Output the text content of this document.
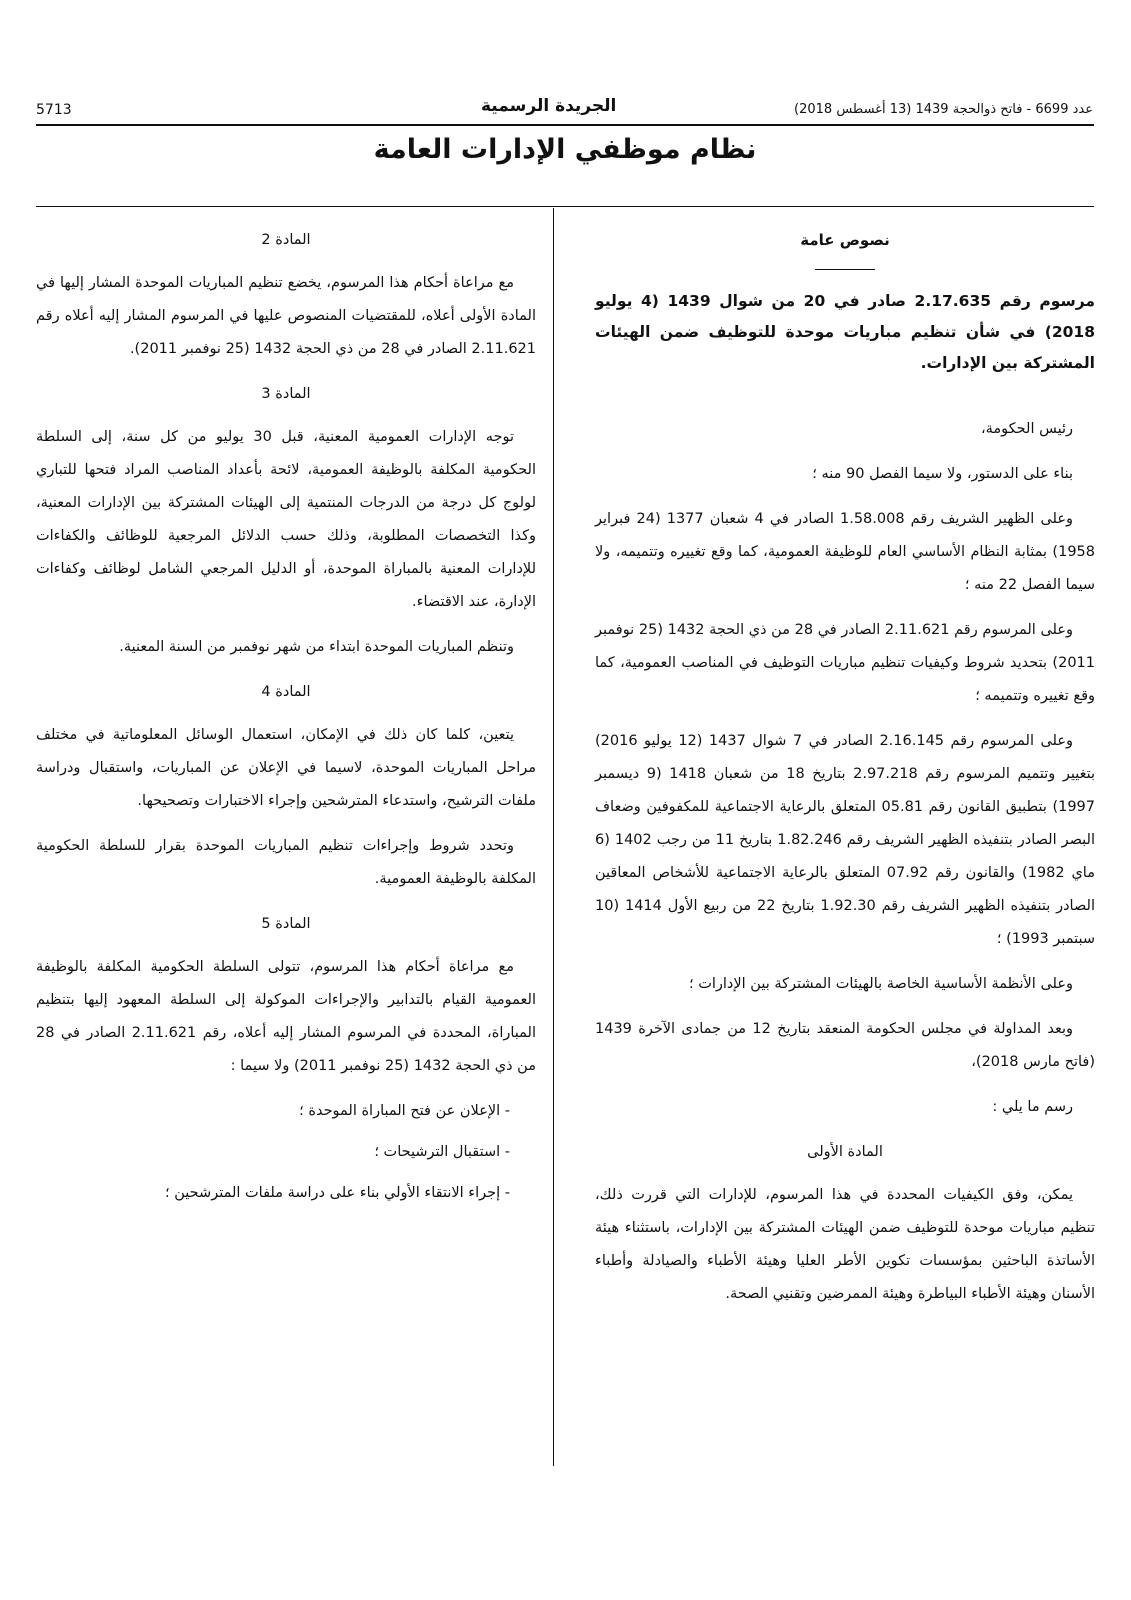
5713	الجريدة الرسمية	عدد 6699 - فاتح ذوالحجة 1439 (13 أغسطس 2018)
نظام موظفي الإدارات العامة

نصوص عامة

مرسوم رقم 2.17.635 صادر في 20 من شوال 1439 (4 يوليو 2018) في شأن تنظيم مباريات موحدة للتوظيف ضمن الهيئات المشتركة بين الإدارات.

رئيس الحكومة،

بناء على الدستور، ولا سيما الفصل 90 منه ؛

وعلى الظهير الشريف رقم 1.58.008 الصادر في 4 شعبان 1377 (24 فبراير 1958) بمثابة النظام الأساسي العام للوظيفة العمومية، كما وقع تغييره وتتميمه، ولا سيما الفصل 22 منه ؛

وعلى المرسوم رقم 2.11.621 الصادر في 28 من ذي الحجة 1432 (25 نوفمبر 2011) بتحديد شروط وكيفيات تنظيم مباريات التوظيف في المناصب العمومية، كما وقع تغييره وتتميمه ؛

وعلى المرسوم رقم 2.16.145 الصادر في 7 شوال 1437 (12 يوليو 2016) بتغيير وتتميم المرسوم رقم 2.97.218 بتاريخ 18 من شعبان 1418 (9 ديسمبر 1997) بتطبيق القانون رقم 05.81 المتعلق بالرعاية الاجتماعية للمكفوفين وضعاف البصر الصادر بتنفيذه الظهير الشريف رقم 1.82.246 بتاريخ 11 من رجب 1402 (6 ماي 1982) والقانون رقم 07.92 المتعلق بالرعاية الاجتماعية للأشخاص المعاقين الصادر بتنفيذه الظهير الشريف رقم 1.92.30 بتاريخ 22 من ربيع الأول 1414 (10 سبتمبر 1993) ؛

وعلى الأنظمة الأساسية الخاصة بالهيئات المشتركة بين الإدارات ؛

وبعد المداولة في مجلس الحكومة المنعقد بتاريخ 12 من جمادى الآخرة 1439 (فاتح مارس 2018)،

رسم ما يلي :

المادة الأولى

يمكن، وفق الكيفيات المحددة في هذا المرسوم، للإدارات التي قررت ذلك، تنظيم مباريات موحدة للتوظيف ضمن الهيئات المشتركة بين الإدارات، باستثناء هيئة الأساتذة الباحثين بمؤسسات تكوين الأطر العليا وهيئة الأطباء والصيادلة وأطباء الأسنان وهيئة الأطباء البياطرة وهيئة الممرضين وتقنيي الصحة.

المادة 2

مع مراعاة أحكام هذا المرسوم، يخضع تنظيم المباريات الموحدة المشار إليها في المادة الأولى أعلاه، للمقتضيات المنصوص عليها في المرسوم المشار إليه أعلاه رقم 2.11.621 الصادر في 28 من ذي الحجة 1432 (25 نوفمبر 2011).

المادة 3

توجه الإدارات العمومية المعنية، قبل 30 يوليو من كل سنة، إلى السلطة الحكومية المكلفة بالوظيفة العمومية، لائحة بأعداد المناصب المراد فتحها للتباري لولوج كل درجة من الدرجات المنتمية إلى الهيئات المشتركة بين الإدارات المعنية، وكذا التخصصات المطلوبة، وذلك حسب الدلائل المرجعية للوظائف والكفاءات للإدارات المعنية بالمباراة الموحدة، أو الدليل المرجعي الشامل لوظائف وكفاءات الإدارة، عند الاقتضاء.

وتنظم المباريات الموحدة ابتداء من شهر نوفمبر من السنة المعنية.

المادة 4

يتعين، كلما كان ذلك في الإمكان، استعمال الوسائل المعلوماتية في مختلف مراحل المباريات الموحدة، لاسيما في الإعلان عن المباريات، واستقبال ودراسة ملفات الترشيح، واستدعاء المترشحين وإجراء الاختبارات وتصحيحها.

وتحدد شروط وإجراءات تنظيم المباريات الموحدة بقرار للسلطة الحكومية المكلفة بالوظيفة العمومية.

المادة 5

مع مراعاة أحكام هذا المرسوم، تتولى السلطة الحكومية المكلفة بالوظيفة العمومية القيام بالتدابير والإجراءات الموكولة إلى السلطة المعهود إليها بتنظيم المباراة، المحددة في المرسوم المشار إليه أعلاه، رقم 2.11.621 الصادر في 28 من ذي الحجة 1432 (25 نوفمبر 2011) ولا سيما :

- الإعلان عن فتح المباراة الموحدة ؛

- استقبال الترشيحات ؛

- إجراء الانتقاء الأولي بناء على دراسة ملفات المترشحين ؛
